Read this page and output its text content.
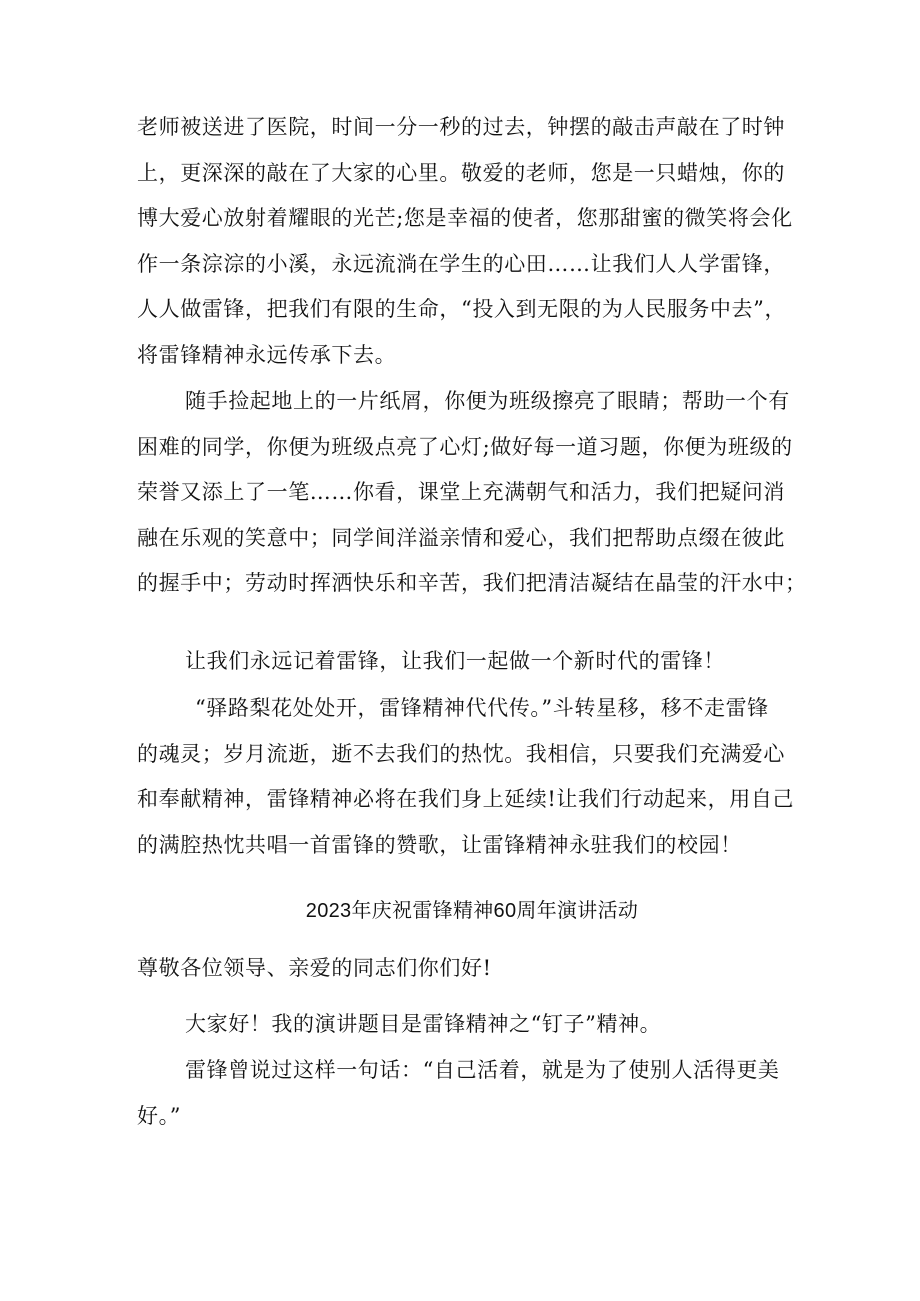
老师被送进了医院，时间一分一秒的过去，钟摆的敲击声敲在了时钟
上，更深深的敲在了大家的心里。敬爱的老师，您是一只蜡烛，你的
博大爱心放射着耀眼的光芒;您是幸福的使者，您那甜蜜的微笑将会化
作一条淙淙的小溪，永远流淌在学生的心田……让我们人人学雷锋，
人人做雷锋，把我们有限的生命，“投入到无限的为人民服务中去”，
将雷锋精神永远传承下去。
随手捡起地上的一片纸屑，你便为班级擦亮了眼睛；帮助一个有
困难的同学，你便为班级点亮了心灯;做好每一道习题，你便为班级的
荣誉又添上了一笔……你看，课堂上充满朝气和活力，我们把疑问消
融在乐观的笑意中；同学间洋溢亲情和爱心，我们把帮助点缀在彼此
的握手中；劳动时挥洒快乐和辛苦，我们把清洁凝结在晶莹的汗水中；
让我们永远记着雷锋，让我们一起做一个新时代的雷锋！
“驿路梨花处处开，雷锋精神代代传。”斗转星移，移不走雷锋
的魂灵；岁月流逝，逝不去我们的热忱。我相信，只要我们充满爱心
和奉献精神，雷锋精神必将在我们身上延续!让我们行动起来，用自己
的满腔热忱共唱一首雷锋的赞歌，让雷锋精神永驻我们的校园！
2023年庆祝雷锋精神60周年演讲活动
尊敬各位领导、亲爱的同志们你们好!
大家好！我的演讲题目是雷锋精神之“钉子”精神。
雷锋曾说过这样一句话：“自己活着，就是为了使别人活得更美
好。”
